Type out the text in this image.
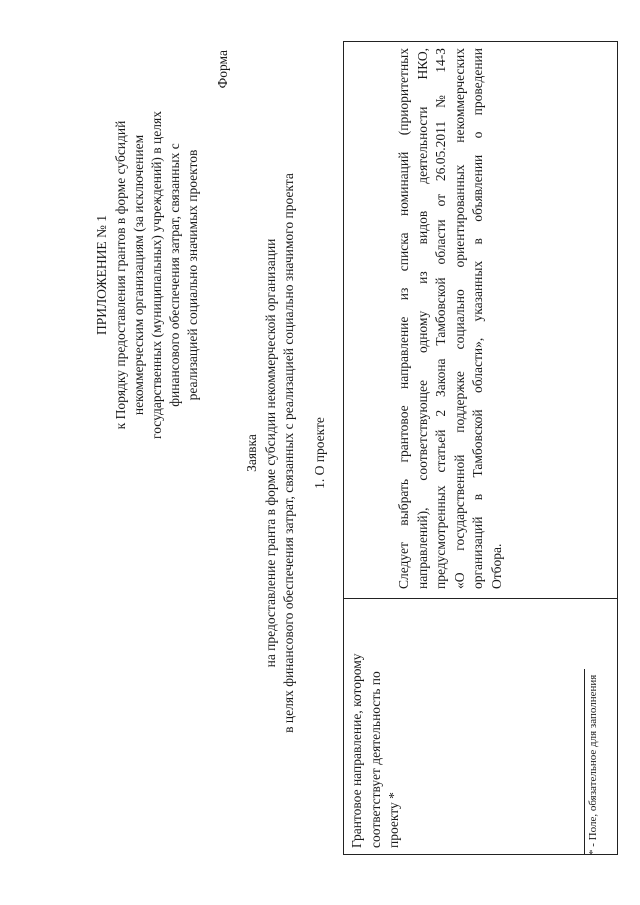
ПРИЛОЖЕНИЕ № 1 к Порядку предоставления грантов в форме субсидий некоммерческим организациям (за исключением государственных (муниципальных) учреждений) в целях финансового обеспечения затрат, связанных с реализацией социально значимых проектов
Форма
Заявка на предоставление гранта в форме субсидии некоммерческой организации в целях финансового обеспечения затрат, связанных с реализацией социально значимого проекта 1. О проекте
Грантовое направление, которому соответствует деятельность по проекту *
Следует выбрать грантовое направление из списка номинаций (приоритетных направлений), соответствующее одному из видов деятельности НКО, предусмотренных статьей 2 Закона Тамбовской области от 26.05.2011 № 14-З «О государственной поддержке социально ориентированных некоммерческих организаций в Тамбовской области», указанных в объявлении о проведении Отбора.
* - Поле, обязательное для заполнения
